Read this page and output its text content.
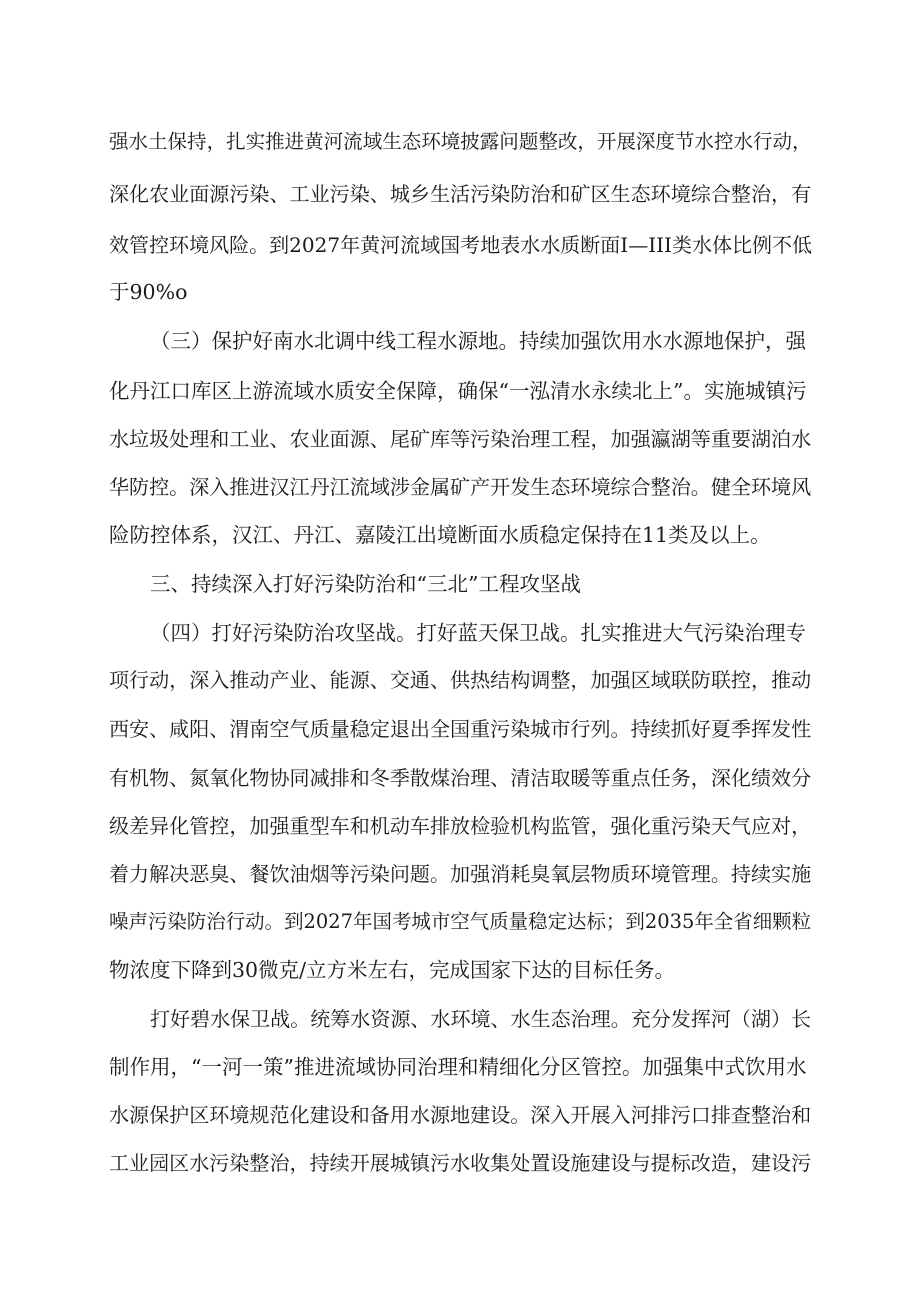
强水土保持，扎实推进黄河流域生态环境披露问题整改，开展深度节水控水行动，
深化农业面源污染、工业污染、城乡生活污染防治和矿区生态环境综合整治，有
效管控环境风险。到2027年黄河流域国考地表水水质断面I—III类水体比例不低
于90%o
（三）保护好南水北调中线工程水源地。持续加强饮用水水源地保护，强
化丹江口库区上游流域水质安全保障，确保“一泓清水永续北上”。实施城镇污
水垃圾处理和工业、农业面源、尾矿库等污染治理工程，加强瀛湖等重要湖泊水
华防控。深入推进汉江丹江流域涉金属矿产开发生态环境综合整治。健全环境风
险防控体系，汉江、丹江、嘉陵江出境断面水质稳定保持在11类及以上。
三、持续深入打好污染防治和“三北”工程攻坚战
（四）打好污染防治攻坚战。打好蓝天保卫战。扎实推进大气污染治理专
项行动，深入推动产业、能源、交通、供热结构调整，加强区域联防联控，推动
西安、咸阳、渭南空气质量稳定退出全国重污染城市行列。持续抓好夏季挥发性
有机物、氮氧化物协同减排和冬季散煤治理、清洁取暖等重点任务，深化绩效分
级差异化管控，加强重型车和机动车排放检验机构监管，强化重污染天气应对，
着力解决恶臭、餐饮油烟等污染问题。加强消耗臭氧层物质环境管理。持续实施
噪声污染防治行动。到2027年国考城市空气质量稳定达标；到2035年全省细颗粒
物浓度下降到30微克/立方米左右，完成国家下达的目标任务。
打好碧水保卫战。统筹水资源、水环境、水生态治理。充分发挥河（湖）长
制作用，“一河一策”推进流域协同治理和精细化分区管控。加强集中式饮用水
水源保护区环境规范化建设和备用水源地建设。深入开展入河排污口排查整治和
工业园区水污染整治，持续开展城镇污水收集处置设施建设与提标改造，建设污
